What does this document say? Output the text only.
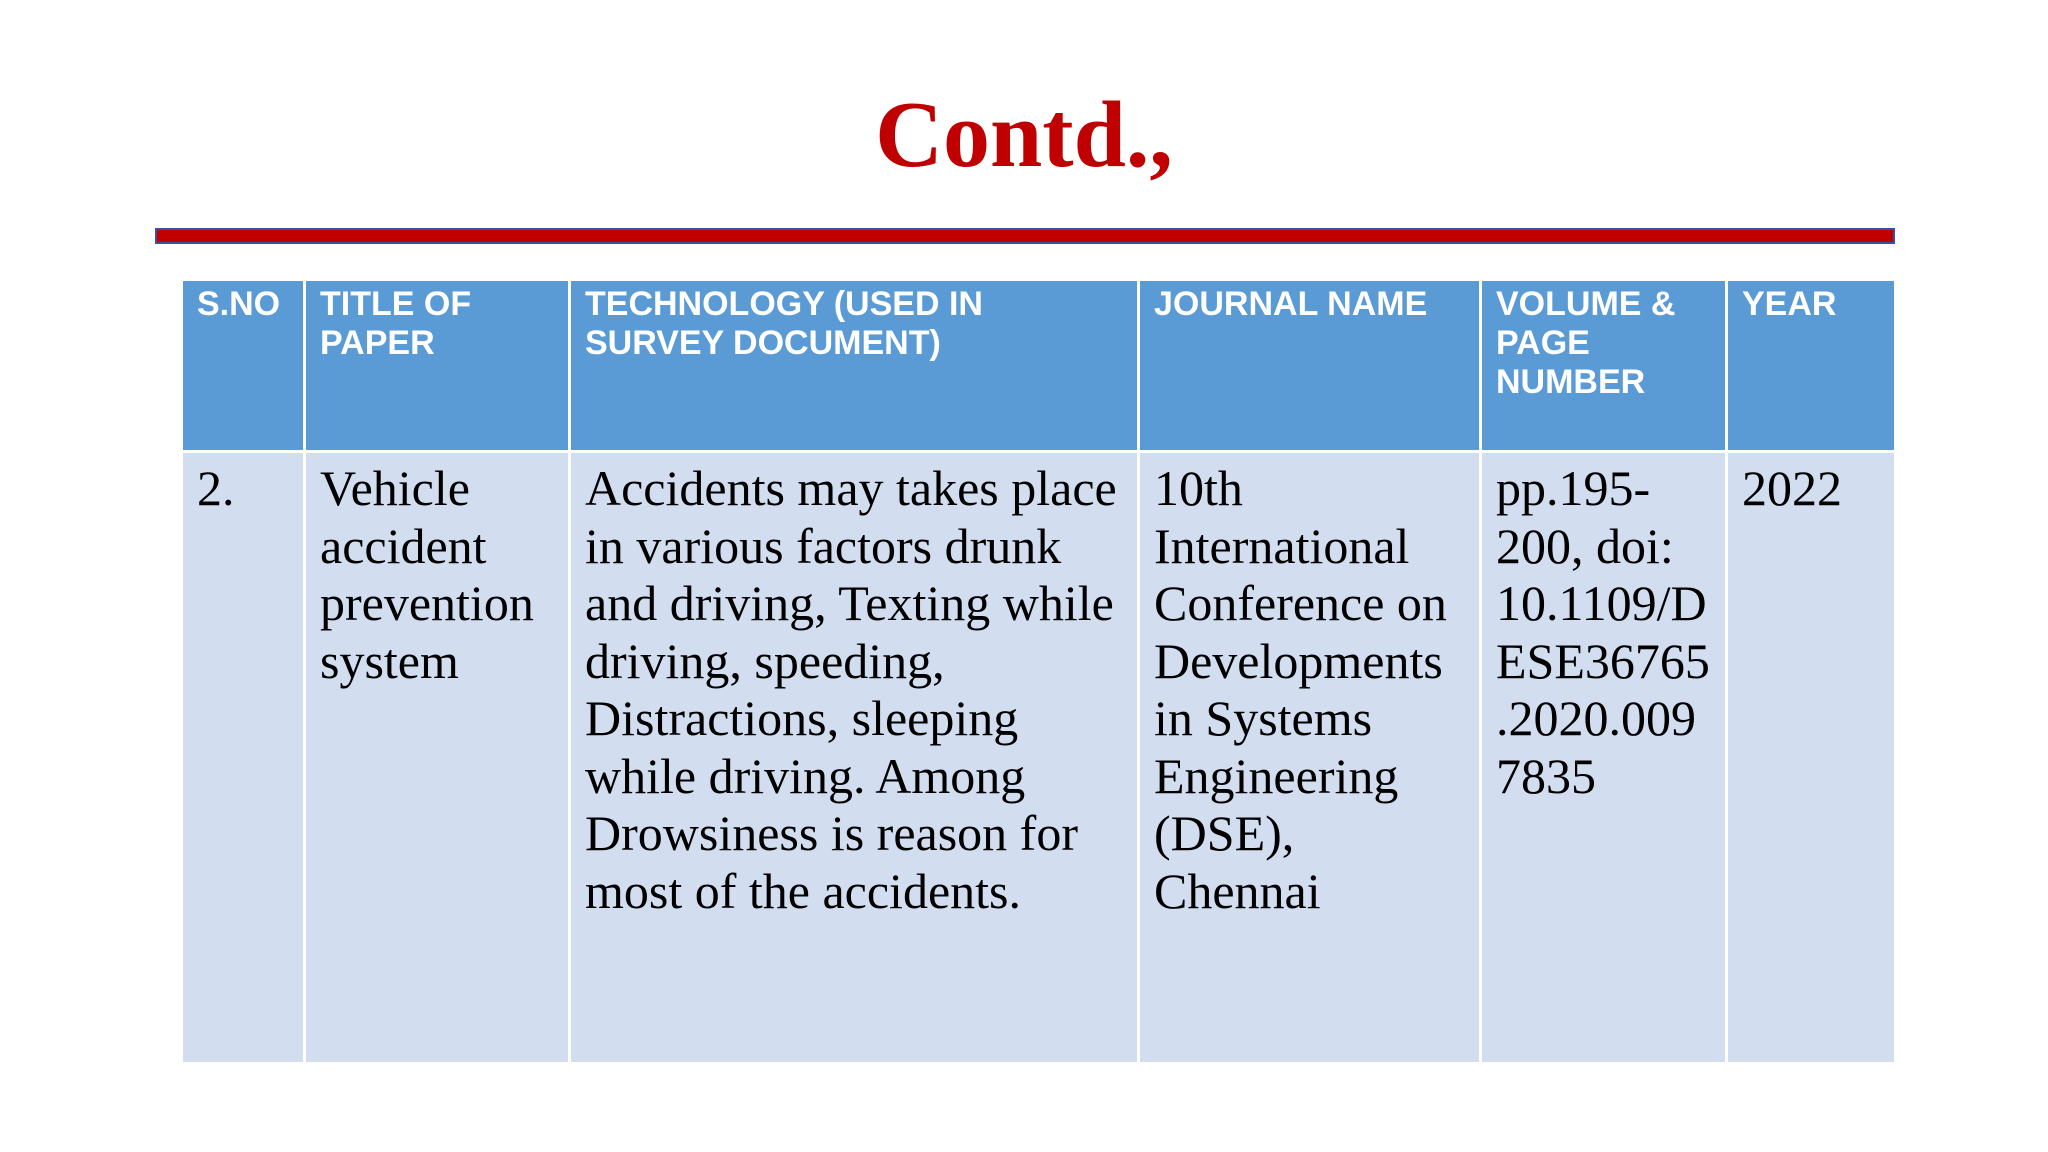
Contd.,
S.NO	TITLE OF PAPER	TECHNOLOGY (USED IN SURVEY DOCUMENT)	JOURNAL NAME	VOLUME & PAGE NUMBER	YEAR

2.	Vehicle accident prevention system	Accidents may takes place in various factors drunk and driving, Texting while driving, speeding, Distractions, sleeping while driving. Among Drowsiness is reason for most of the accidents.	10th International Conference on Developments in Systems Engineering (DSE), Chennai	pp.195-200, doi: 10.1109/DESE36765.2020.0097835	2022
